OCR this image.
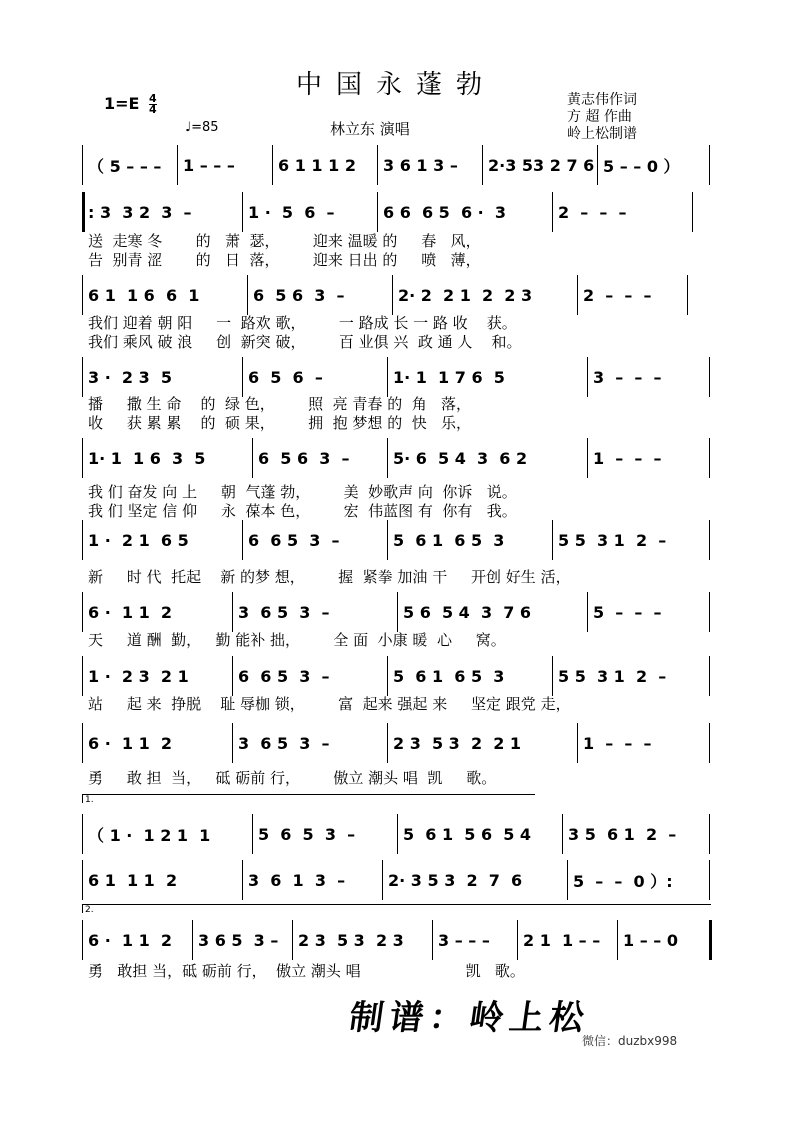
中国永蓬勃
林立东 演唱
黄志伟作词
方 超 作曲
岭上松制谱
$1=E \frac{4}{4}$
♩=85
（ 5 – – –	1 – – –	6 1 1 1 2	3 6 1 3 –	2·3 53 2 7 6 5 – – 0 ）
: 3  3 2  3  –	1 ·  5  6  –	6 6  6 5  6 ·  3	2  –  –  –
送  走寒 冬       的   萧  瑟，       迎来 温暖 的     春   风，
告  别青 涩       的   日  落，       迎来 日出 的     喷   薄，
6 1  1 6  6  1	6  5 6  3  –	2· 2  2 1  2  2 3	2  –  –  –
我们 迎着 朝 阳     一  路欢 歌，       一 路成 长 一 路 收    获。
我们 乘风 破 浪     创  新突 破，       百 业俱 兴  政 通 人    和。
3 ·  2 3  5	6  5  6  –	1· 1  1 7 6  5	3  –  –  –
播     撒 生 命    的  绿 色，       照  亮 青春 的  角   落，
收     获 累 累    的  硕 果，       拥  抱 梦想 的  快   乐，
1· 1  1 6  3  5	6  5 6  3  –	5· 6  5 4  3  6 2	1  –  –  –
我 们 奋发 向 上     朝  气蓬 勃，       美  妙歌声 向  你诉   说。
我 们 坚定 信 仰     永  葆本 色，       宏  伟蓝图 有  你有   我。
1 ·  2 1  6 5	6  6 5  3  –	5  6 1  6 5  3	5 5  3 1  2  –
新     时 代  托起    新 的梦 想，       握  紧拳 加油 干     开创 好生 活，
6 ·  1 1  2	3  6 5  3  –	5 6  5 4  3  7 6	5  –  –  –
天     道 酬  勤，   勤 能补 拙，       全 面  小康 暖  心     窝。
1 ·  2 3  2 1	6  6 5  3  –	5  6 1  6 5  3	5 5  3 1  2  –
站     起 来  挣脱    耻 辱枷 锁，       富  起来 强起 来     坚定 跟党 走，
6 ·  1 1  2	3  6 5  3  –	2 3  5 3  2  2 1	1  –  –  –
勇     敢 担  当，   砥 砺前 行，       傲立 潮头 唱  凯     歌。
（ 1 ·  1 2 1  1	5  6  5  3  –	5  6 1  5 6  5 4	3 5  6 1  2  –
6 1  1 1  2	3  6  1  3  –	2· 3 5 3  2  7  6	5  –  –  0 ）:
6 ·  1 1  2	3 6 5  3 –	2 3  5 3  2 3	3 – – –	2 1  1 – –	1 – – 0
勇   敢担 当，砥 砺前 行，  傲立 潮头 唱                      凯   歌。
1.
2.
制谱：岭上松
微信：duzbx998
